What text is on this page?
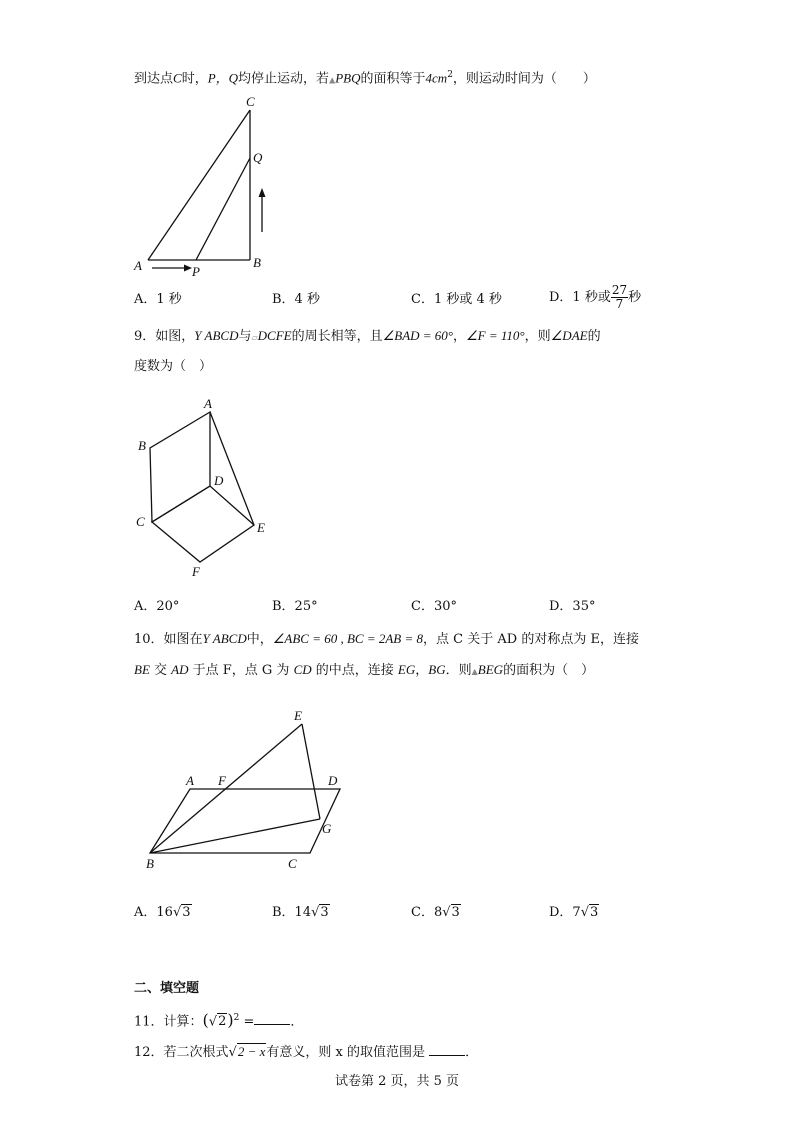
到达点C时，P，Q均停止运动，若▲PBQ的面积等于$4cm^2$，则运动时间为（　　）
C
Q
A	P
B
A．1 秒	B．4 秒	C．1 秒或 4 秒	D．1 秒或 $\frac{27}{7}$ 秒
9．如图，Y ABCD与▱DCFE的周长相等，且∠BAD = 60°，∠F = 110°，则∠DAE的
度数为（　）
A
B
D
C	E
F
A．20°	B．25°	C．30°	D．35°
10．如图在Y ABCD中，∠ABC = 60 , BC = 2AB = 8，点 C 关于 AD 的对称点为 E，连接
BE 交 AD 于点 F，点 G 为 CD 的中点，连接 EG，BG．则▲BEG的面积为（　）
E
A F	D
G
B	C
A．16√3	B．14√3	C．8√3	D．7√3
二、填空题
11．计算：$(√2)^2$ =	．
12．若二次根式√2 − x有意义，则 x 的取值范围是	．
试卷第 2 页，共 5 页
